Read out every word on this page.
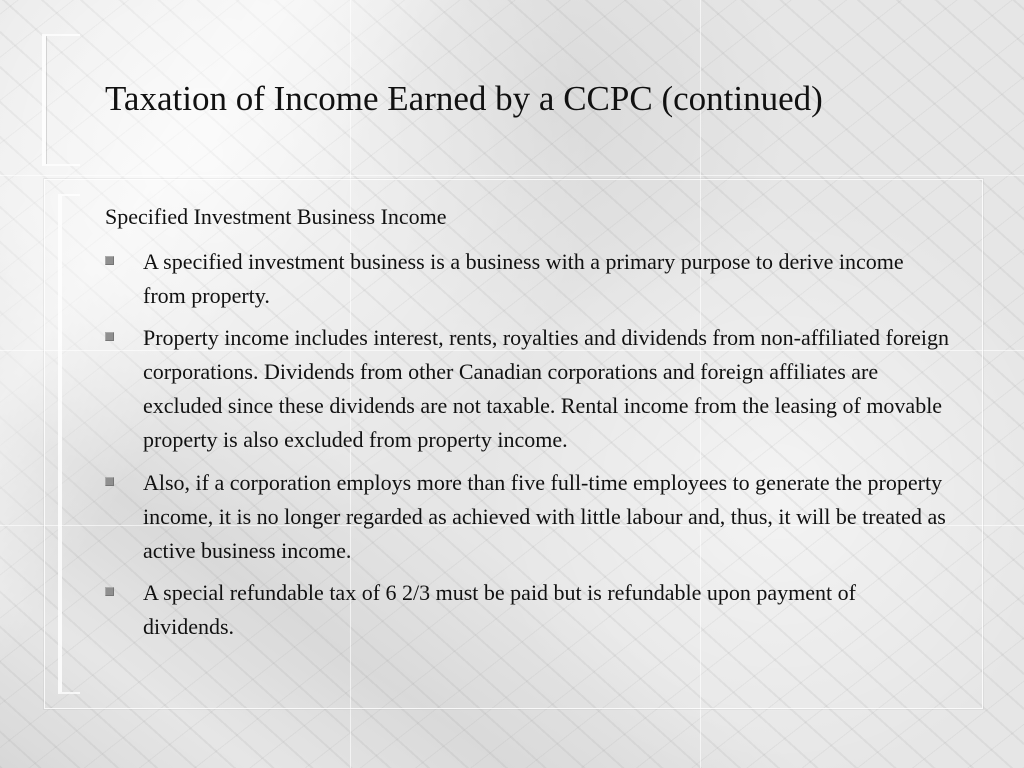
Taxation of Income Earned by a CCPC (continued)
Specified Investment Business Income
A specified investment business is a business with a primary purpose to derive income from property.
Property income includes interest, rents, royalties and dividends from non-affiliated foreign corporations. Dividends from other Canadian corporations and foreign affiliates are excluded since these dividends are not taxable. Rental income from the leasing of movable property is also excluded from property income.
Also, if a corporation employs more than five full-time employees to generate the property income, it is no longer regarded as achieved with little labour and, thus, it will be treated as active business income.
A special refundable tax of 6 2/3 must be paid but is refundable upon payment of dividends.
